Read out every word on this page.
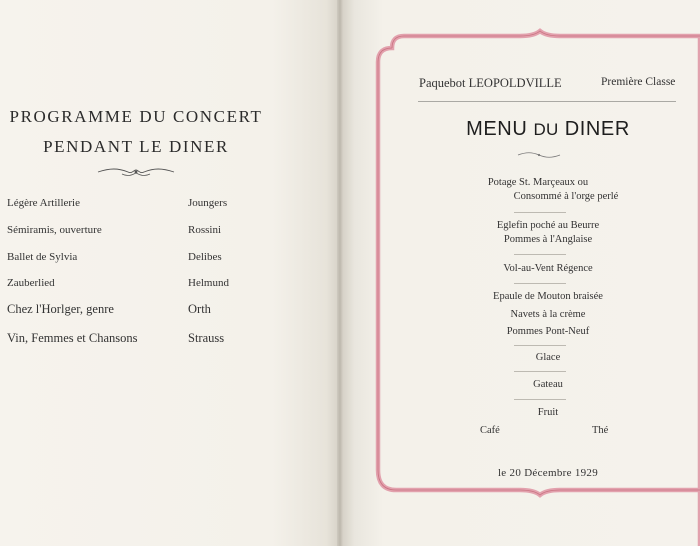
PROGRAMME DU CONCERT
PENDANT LE DINER
Légère Artillerie	Joungers
Sémiramis, ouverture	Rossini
Ballet de Sylvia	Delibes
Zauberlied	Helmund
Chez l'Horlger, genre	Orth
Vin, Femmes et Chansons	Strauss
Paquebot LEOPOLDVILLE	Première Classe
MENU DU DINER
Potage St. Marçeaux ou
Consommé à l'orge perlé
Eglefin poché au Beurre
Pommes à l'Anglaise
Vol-au-Vent Régence
Epaule de Mouton braisée
Navets à la crème
Pommes Pont-Neuf
Glace
Gateau
Fruit
Café	Thé
le 20 Décembre 1929
